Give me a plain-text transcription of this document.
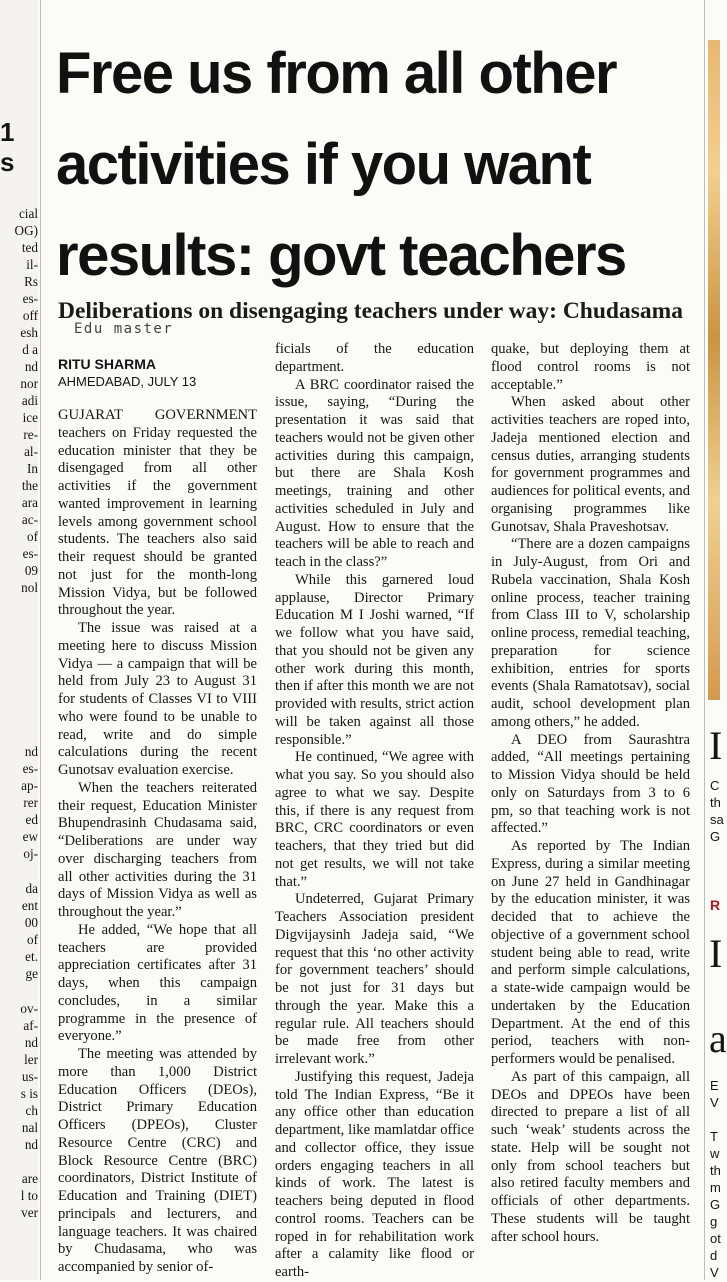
1
s
cial
OG)
ted
il-
Rs
es-
off
esh
d a
nd
nor
adi
ice
re-
al-
In
the
ara
ac-
of
es-
09
nol
nd
es-
ap-
rer
ed
ew
oj-
da
ent
00
of
et.
ge
ov-
af-
nd
ler
us-
s is
ch
nal
nd
are
l to
ver
Free us from all other
activities if you want
results: govt teachers
Deliberations on disengaging teachers under way: Chudasama
Edu master
RITU SHARMA
AHMEDABAD, JULY 13

GUJARAT GOVERNMENT teachers on Friday requested the education minister that they be disengaged from all other activities if the government wanted improvement in learning levels among government school students. The teachers also said their request should be granted not just for the month-long Mission Vidya, but be followed throughout the year.

The issue was raised at a meeting here to discuss Mission Vidya — a campaign that will be held from July 23 to August 31 for students of Classes VI to VIII who were found to be unable to read, write and do simple calculations during the recent Gunotsav evaluation exercise.

When the teachers reiterated their request, Education Minister Bhupendrasinh Chudasama said, “Deliberations are under way over discharging teachers from all other activities during the 31 days of Mission Vidya as well as throughout the year.”

He added, “We hope that all teachers are provided appreciation certificates after 31 days, when this campaign concludes, in a similar programme in the presence of everyone.”

The meeting was attended by more than 1,000 District Education Officers (DEOs), District Primary Education Officers (DPEOs), Cluster Resource Centre (CRC) and Block Resource Centre (BRC) coordinators, District Institute of Education and Training (DIET) principals and lecturers, and language teachers. It was chaired by Chudasama, who was accompanied by senior of-

ficials of the education department.

A BRC coordinator raised the issue, saying, “During the presentation it was said that teachers would not be given other activities during this campaign, but there are Shala Kosh meetings, training and other activities scheduled in July and August. How to ensure that the teachers will be able to reach and teach in the class?”

While this garnered loud applause, Director Primary Education M I Joshi warned, “If we follow what you have said, that you should not be given any other work during this month, then if after this month we are not provided with results, strict action will be taken against all those responsible.”

He continued, “We agree with what you say. So you should also agree to what we say. Despite this, if there is any request from BRC, CRC coordinators or even teachers, that they tried but did not get results, we will not take that.”

Undeterred, Gujarat Primary Teachers Association president Digvijaysinh Jadeja said, “We request that this ‘no other activity for government teachers’ should be not just for 31 days but through the year. Make this a regular rule. All teachers should be made free from other irrelevant work.”

Justifying this request, Jadeja told The Indian Express, “Be it any office other than education department, like mamlatdar office and collector office, they issue orders engaging teachers in all kinds of work. The latest is teachers being deputed in flood control rooms. Teachers can be roped in for rehabilitation work after a calamity like flood or earth-

quake, but deploying them at flood control rooms is not acceptable.”

When asked about other activities teachers are roped into, Jadeja mentioned election and census duties, arranging students for government programmes and audiences for political events, and organising programmes like Gunotsav, Shala Praveshotsav.

“There are a dozen campaigns in July-August, from Ori and Rubela vaccination, Shala Kosh online process, teacher training from Class III to V, scholarship online process, remedial teaching, preparation for science exhibition, entries for sports events (Shala Ramatotsav), social audit, school development plan among others,” he added.

A DEO from Saurashtra added, “All meetings pertaining to Mission Vidya should be held only on Saturdays from 3 to 6 pm, so that teaching work is not affected.”

As reported by The Indian Express, during a similar meeting on June 27 held in Gandhinagar by the education minister, it was decided that to achieve the objective of a government school student being able to read, write and perform simple calculations, a state-wide campaign would be undertaken by the Education Department. At the end of this period, teachers with non-performers would be penalised.

As part of this campaign, all DEOs and DPEOs have been directed to prepare a list of all such ‘weak’ students across the state. Help will be sought not only from school teachers but also retired faculty members and officials of other departments. These students will be taught after school hours.

C
th
sa
G
E
V
T
w
th
m
G
g
ot
d
V
I
I
a
R
